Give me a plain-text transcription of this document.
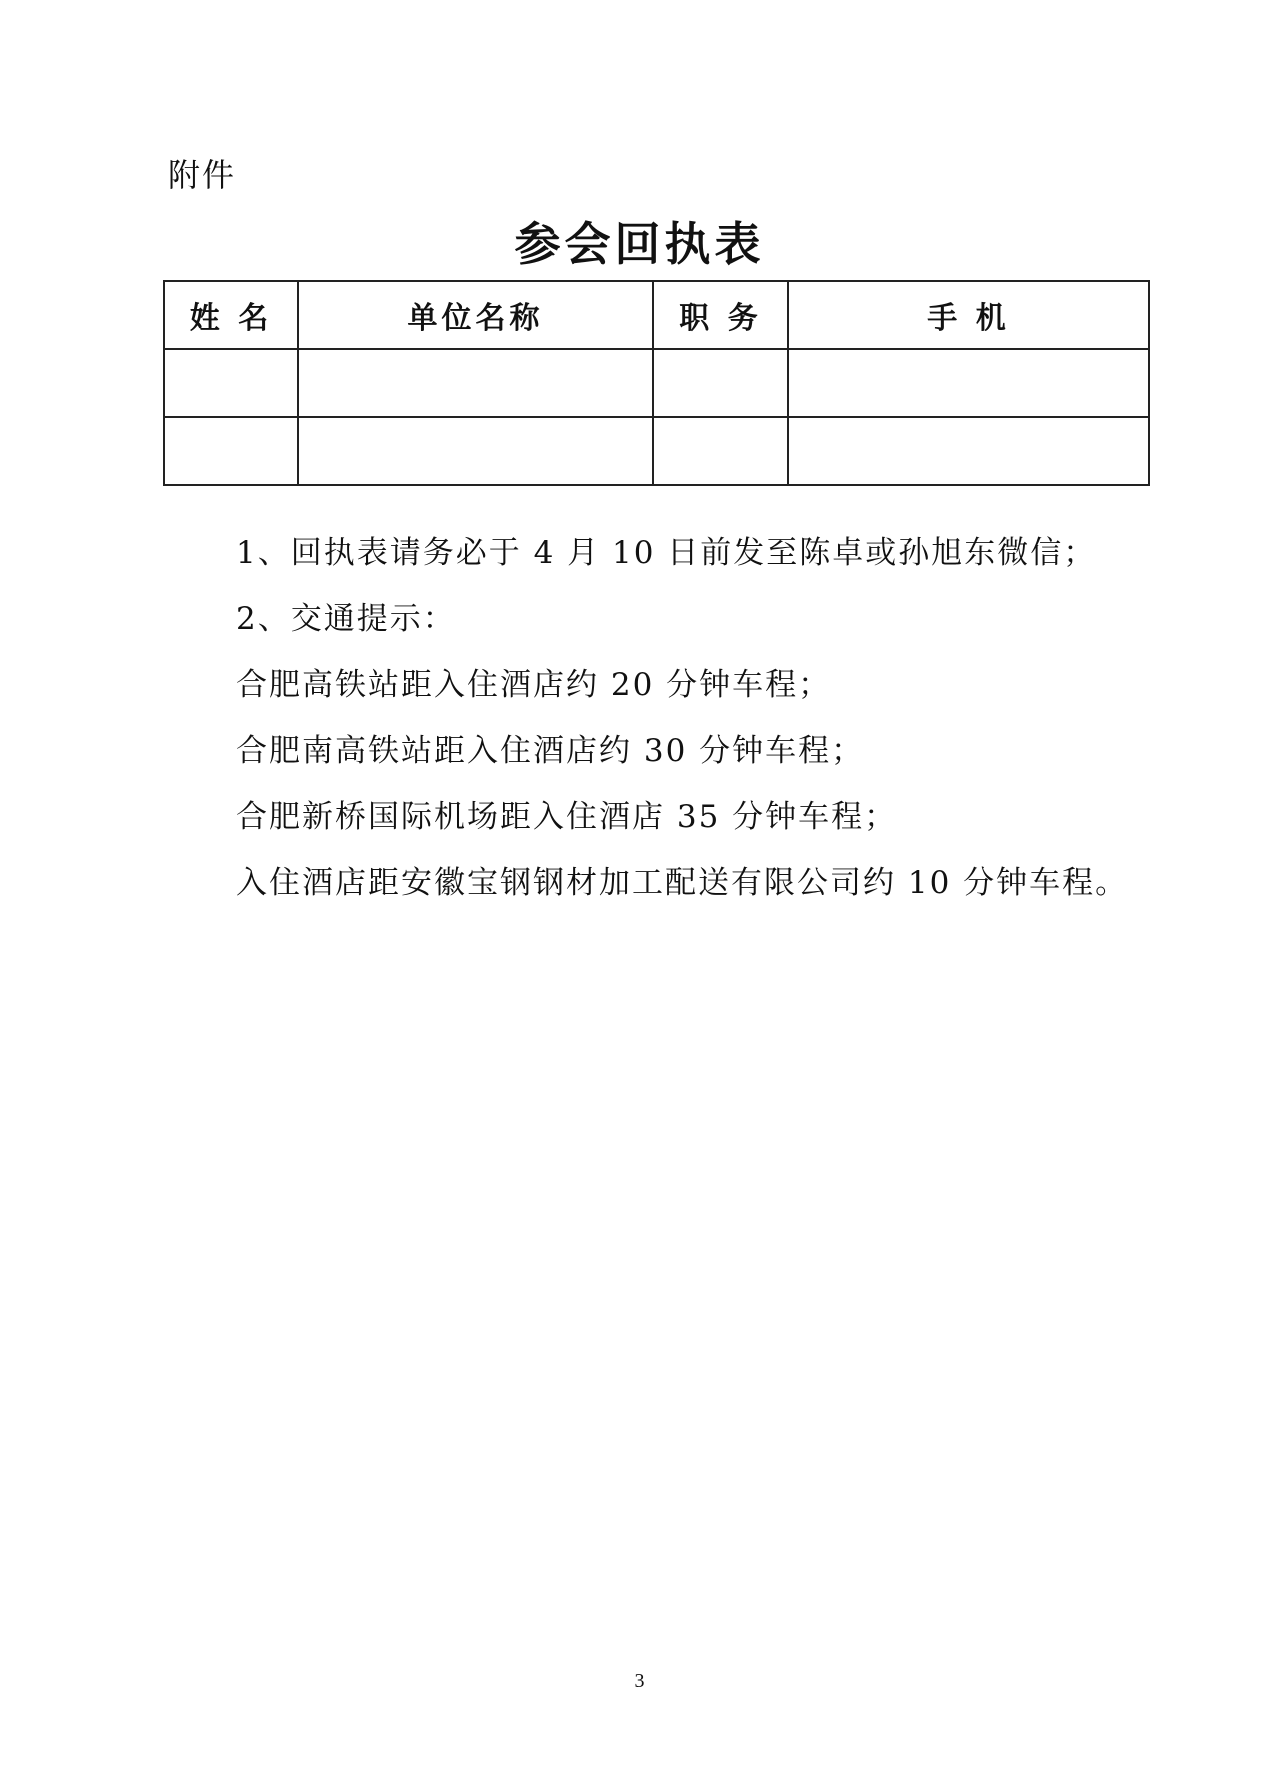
附件
参会回执表
姓 名	单位名称	职 务	手 机

1、回执表请务必于 4 月 10 日前发至陈卓或孙旭东微信；
2、交通提示：
合肥高铁站距入住酒店约 20 分钟车程；
合肥南高铁站距入住酒店约 30 分钟车程；
合肥新桥国际机场距入住酒店 35 分钟车程；
入住酒店距安徽宝钢钢材加工配送有限公司约 10 分钟车程。
3
